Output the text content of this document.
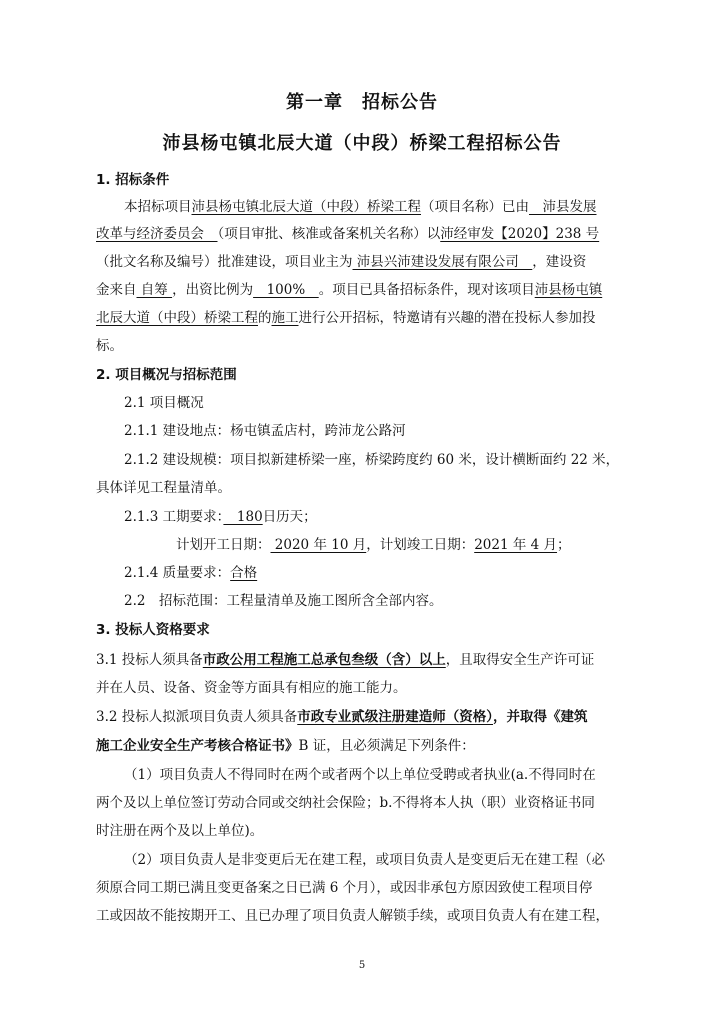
第一章　招标公告
沛县杨屯镇北辰大道（中段）桥梁工程招标公告
1. 招标条件
本招标项目沛县杨屯镇北辰大道（中段）桥梁工程（项目名称）已由　沛县发展
改革与经济委员会　（项目审批、核准或备案机关名称）以沛经审发【2020】238 号
（批文名称及编号）批准建设，项目业主为 沛县兴沛建设发展有限公司　，建设资
金来自 自筹 ，出资比例为　100%　。项目已具备招标条件，现对该项目沛县杨屯镇
北辰大道（中段）桥梁工程的施工进行公开招标，特邀请有兴趣的潜在投标人参加投
标。
2. 项目概况与招标范围
2.1 项目概况
2.1.1 建设地点：杨屯镇孟店村，跨沛龙公路河
2.1.2 建设规模：项目拟新建桥梁一座，桥梁跨度约 60 米，设计横断面约 22 米，
具体详见工程量清单。
2.1.3 工期要求：　180日历天；
计划开工日期： 2020 年 10 月，计划竣工日期：2021 年 4 月；
2.1.4 质量要求：合格
2.2　招标范围：工程量清单及施工图所含全部内容。
3. 投标人资格要求
3.1 投标人须具备市政公用工程施工总承包叁级（含）以上，且取得安全生产许可证
并在人员、设备、资金等方面具有相应的施工能力。
3.2 投标人拟派项目负责人须具备市政专业贰级注册建造师（资格），并取得《建筑
施工企业安全生产考核合格证书》B 证，且必须满足下列条件：
（1）项目负责人不得同时在两个或者两个以上单位受聘或者执业(a.不得同时在
两个及以上单位签订劳动合同或交纳社会保险；b.不得将本人执（职）业资格证书同
时注册在两个及以上单位)。
（2）项目负责人是非变更后无在建工程，或项目负责人是变更后无在建工程（必
须原合同工期已满且变更备案之日已满 6 个月），或因非承包方原因致使工程项目停
工或因故不能按期开工、且已办理了项目负责人解锁手续，或项目负责人有在建工程，
5
